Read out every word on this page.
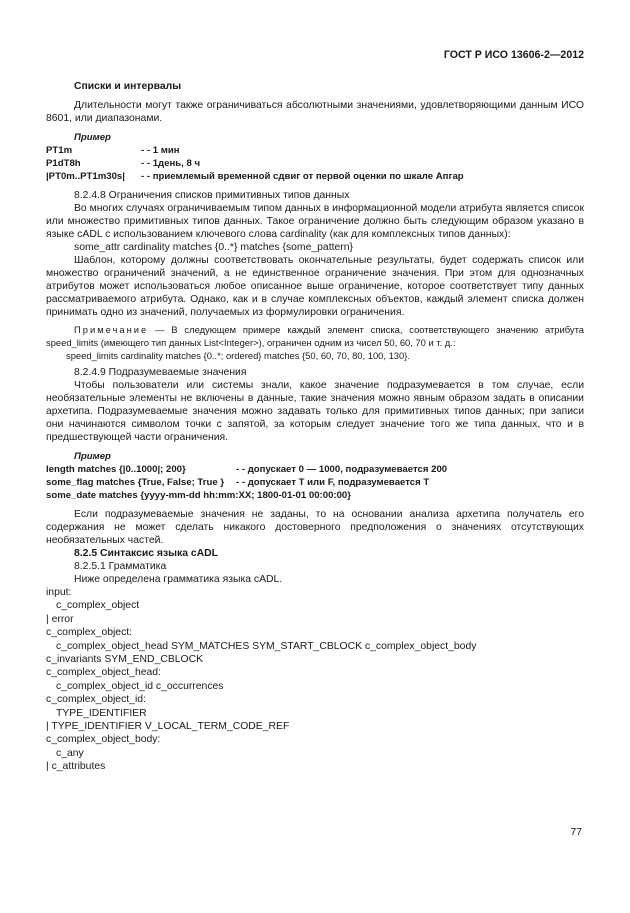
ГОСТ Р ИСО 13606-2—2012

Списки и интервалы

Длительности могут также ограничиваться абсолютными значениями, удовлетворяющими данным ИСО 8601, или диапазонами.

Пример
PT1m	- - 1 мин
P1dT8h	- - 1день, 8 ч
|PT0m..PT1m30s|	- - приемлемый временной сдвиг от первой оценки по шкале Апгар

8.2.4.8 Ограничения списков примитивных типов данных

Во многих случаях ограничиваемым типом данных в информационной модели атрибута является список или множество примитивных типов данных. Такое ограничение должно быть следующим образом указано в языке cADL с использованием ключевого слова cardinality (как для комплексных типов данных):

some_attr cardinality matches {0..*} matches {some_pattern}

Шаблон, которому должны соответствовать окончательные результаты, будет содержать список или множество ограничений значений, а не единственное ограничение значения. При этом для однозначных атрибутов может использоваться любое описанное выше ограничение, которое соответствует типу данных рассматриваемого атрибута. Однако, как и в случае комплексных объектов, каждый элемент списка должен принимать одно из значений, получаемых из формулировки ограничения.

Примечание — В следующем примере каждый элемент списка, соответствующего значению атрибута speed_limits (имеющего тип данных List<Integer>), ограничен одним из чисел 50, 60, 70 и т. д.:

speed_limits cardinality matches {0..*; ordered} matches {50, 60, 70, 80, 100, 130}.

8.2.4.9 Подразумеваемые значения

Чтобы пользователи или системы знали, какое значение подразумевается в том случае, если необязательные элементы не включены в данные, такие значения можно явным образом задать в описании архетипа. Подразумеваемые значения можно задавать только для примитивных типов данных; при записи они начинаются символом точки с запятой, за которым следует значение того же типа данных, что и в предшествующей части ограничения.

Пример
length matches {|0..1000|; 200}	- - допускает 0 — 1000, подразумевается 200
some_flag matches {True, False; True }	- - допускает T или F, подразумевается T
some_date matches {yyyy-mm-dd hh:mm:XX; 1800-01-01 00:00:00}

Если подразумеваемые значения не заданы, то на основании анализа архетипа получатель его содержания не может сделать никакого достоверного предположения о значениях отсутствующих необязательных частей.

8.2.5 Синтаксис языка cADL

8.2.5.1 Грамматика

Ниже определена грамматика языка cADL.

input:
c_complex_object
| error
c_complex_object:
c_complex_object_head SYM_MATCHES SYM_START_CBLOCK c_complex_object_body
c_invariants SYM_END_CBLOCK
c_complex_object_head:
c_complex_object_id c_occurrences
c_complex_object_id:
TYPE_IDENTIFIER
| TYPE_IDENTIFIER V_LOCAL_TERM_CODE_REF
c_complex_object_body:
c_any
| c_attributes
77
